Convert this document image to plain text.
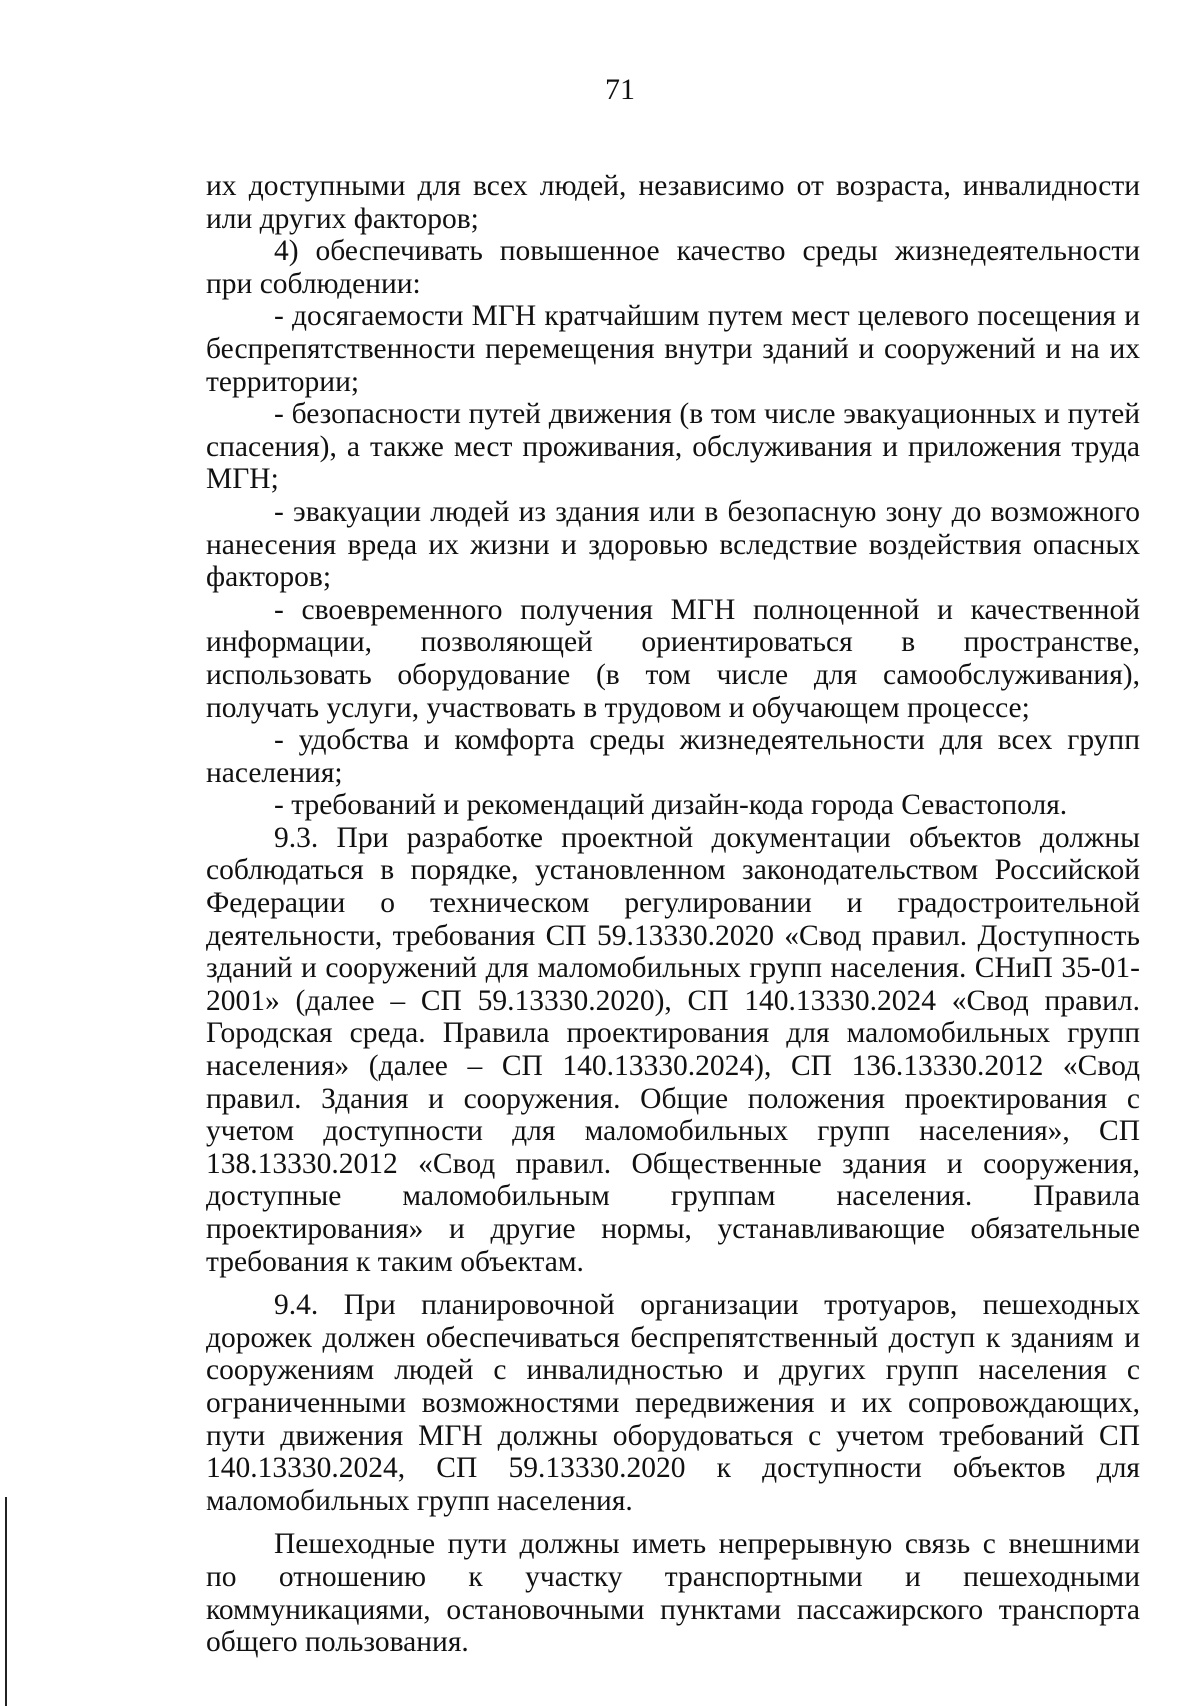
71

их доступными для всех людей, независимо от возраста, инвалидности или других факторов;

4) обеспечивать повышенное качество среды жизнедеятельности при соблюдении:

- досягаемости МГН кратчайшим путем мест целевого посещения и беспрепятственности перемещения внутри зданий и сооружений и на их территории;

- безопасности путей движения (в том числе эвакуационных и путей спасения), а также мест проживания, обслуживания и приложения труда МГН;

- эвакуации людей из здания или в безопасную зону до возможного нанесения вреда их жизни и здоровью вследствие воздействия опасных факторов;

- своевременного получения МГН полноценной и качественной информации, позволяющей ориентироваться в пространстве, использовать оборудование (в том числе для самообслуживания), получать услуги, участвовать в трудовом и обучающем процессе;

- удобства и комфорта среды жизнедеятельности для всех групп населения;

- требований и рекомендаций дизайн-кода города Севастополя.

9.3. При разработке проектной документации объектов должны соблюдаться в порядке, установленном законодательством Российской Федерации о техническом регулировании и градостроительной деятельности, требования СП 59.13330.2020 «Свод правил. Доступность зданий и сооружений для маломобильных групп населения. СНиП 35-01-2001» (далее – СП 59.13330.2020), СП 140.13330.2024 «Свод правил. Городская среда. Правила проектирования для маломобильных групп населения» (далее – СП 140.13330.2024), СП 136.13330.2012 «Свод правил. Здания и сооружения. Общие положения проектирования с учетом доступности для маломобильных групп населения», СП 138.13330.2012 «Свод правил. Общественные здания и сооружения, доступные маломобильным группам населения. Правила проектирования» и другие нормы, устанавливающие обязательные требования к таким объектам.

9.4. При планировочной организации тротуаров, пешеходных дорожек должен обеспечиваться беспрепятственный доступ к зданиям и сооружениям людей с инвалидностью и других групп населения с ограниченными возможностями передвижения и их сопровождающих, пути движения МГН должны оборудоваться с учетом требований СП 140.13330.2024, СП 59.13330.2020 к доступности объектов для маломобильных групп населения.

Пешеходные пути должны иметь непрерывную связь с внешними по отношению к участку транспортными и пешеходными коммуникациями, остановочными пунктами пассажирского транспорта общего пользования.
